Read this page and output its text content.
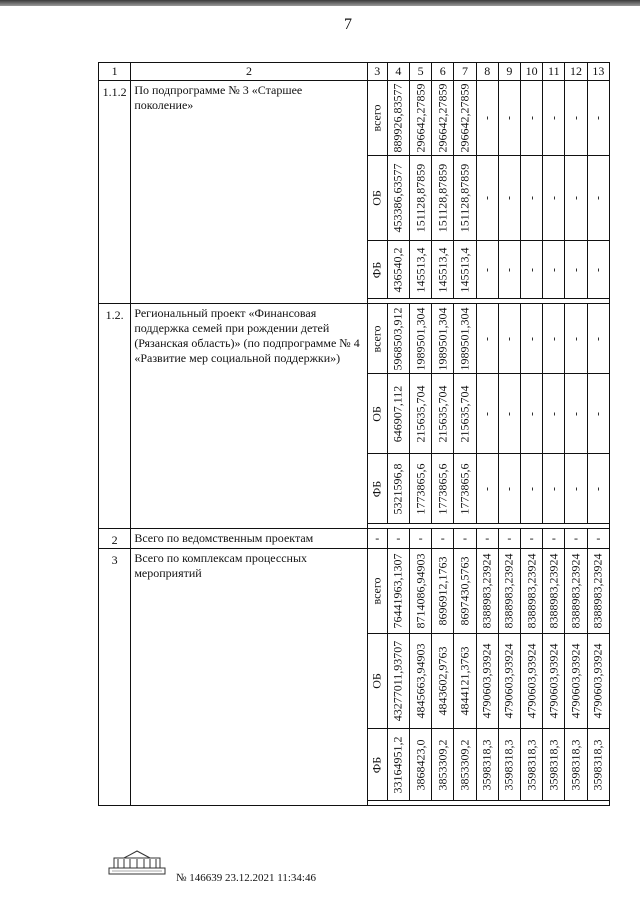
7
1	2	3	4	5	6	7	8	9	10	11	12	13
1.1.2	По подпрограмме № 3 «Старшее поколение»	всего	889926,83577	296642,27859	296642,27859	296642,27859	-	-	-	-	-	-

		ОБ	453386,63577	151128,87859	151128,87859	151128,87859	-	-	-	-	-	-

		ФБ	436540,2	145513,4	145513,4	145513,4	-	-	-	-	-	-

1.2.	Региональный проект «Финансовая поддержка семей при рождении детей (Рязанская область)» (по подпрограмме № 4 «Развитие мер социальной поддержки»)	всего	5968503,912	1989501,304	1989501,304	1989501,304	-	-	-	-	-	-

		ОБ	646907,112	215635,704	215635,704	215635,704	-	-	-	-	-	-

		ФБ	5321596,8	1773865,6	1773865,6	1773865,6	-	-	-	-	-	-

2	Всего по ведомственным проектам	-	-	-	-	-	-	-	-	-	-	-
3	Всего по комплексам процессных мероприятий	всего	76441963,1307	8714086,94903	8696912,1763	8697430,5763	8388983,23924	8388983,23924	8388983,23924	8388983,23924	8388983,23924	8388983,23924

		ОБ	43277011,93707	4845663,94903	4843602,9763	4844121,3763	4790603,93924	4790603,93924	4790603,93924	4790603,93924	4790603,93924	4790603,93924

		ФБ	33164951,2	3868423,0	3853309,2	3853309,2	3598318,3	3598318,3	3598318,3	3598318,3	3598318,3	3598318,3

№ 146639 23.12.2021 11:34:46
